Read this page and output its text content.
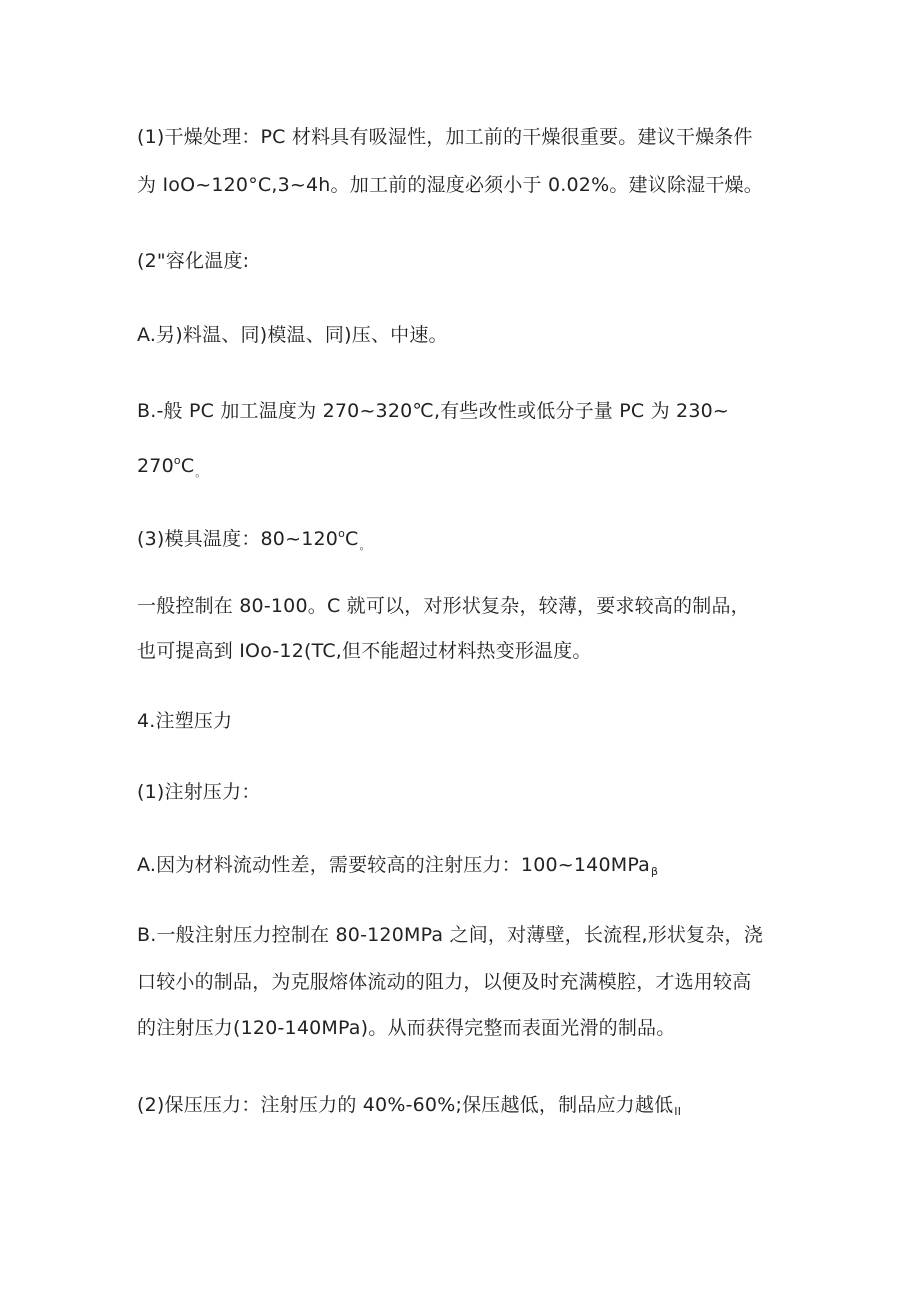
(1)干燥处理：PC 材料具有吸湿性，加工前的干燥很重要。建议干燥条件

为 IoO~120°C,3~4h。加工前的湿度必须小于 0.02%。建议除湿干燥。

(2"容化温度:

A.另)料温、同)模温、同)压、中速。

B.-般 PC 加工温度为 270~320℃,有些改性或低分子量 PC 为 230~

$270^oC_。$

(3)模具温度：$80\sim 120^oC_。$

一般控制在 80-100。C 就可以，对形状复杂，较薄，要求较高的制品，

也可提高到 IOo-12(TC,但不能超过材料热变形温度。

4.注塑压力

(1)注射压力：

A.因为材料流动性差，需要较高的注射压力：100~140MPa$_\beta$

B.一般注射压力控制在 80-120MPa 之间，对薄壁，长流程,形状复杂，浇

口较小的制品，为克服熔体流动的阻力，以便及时充满模腔，才选用较高

的注射压力(120-140MPa)。从而获得完整而表面光滑的制品。

(2)保压压力：注射压力的 40%-60%;保压越低，制品应力越低$_{II}$
